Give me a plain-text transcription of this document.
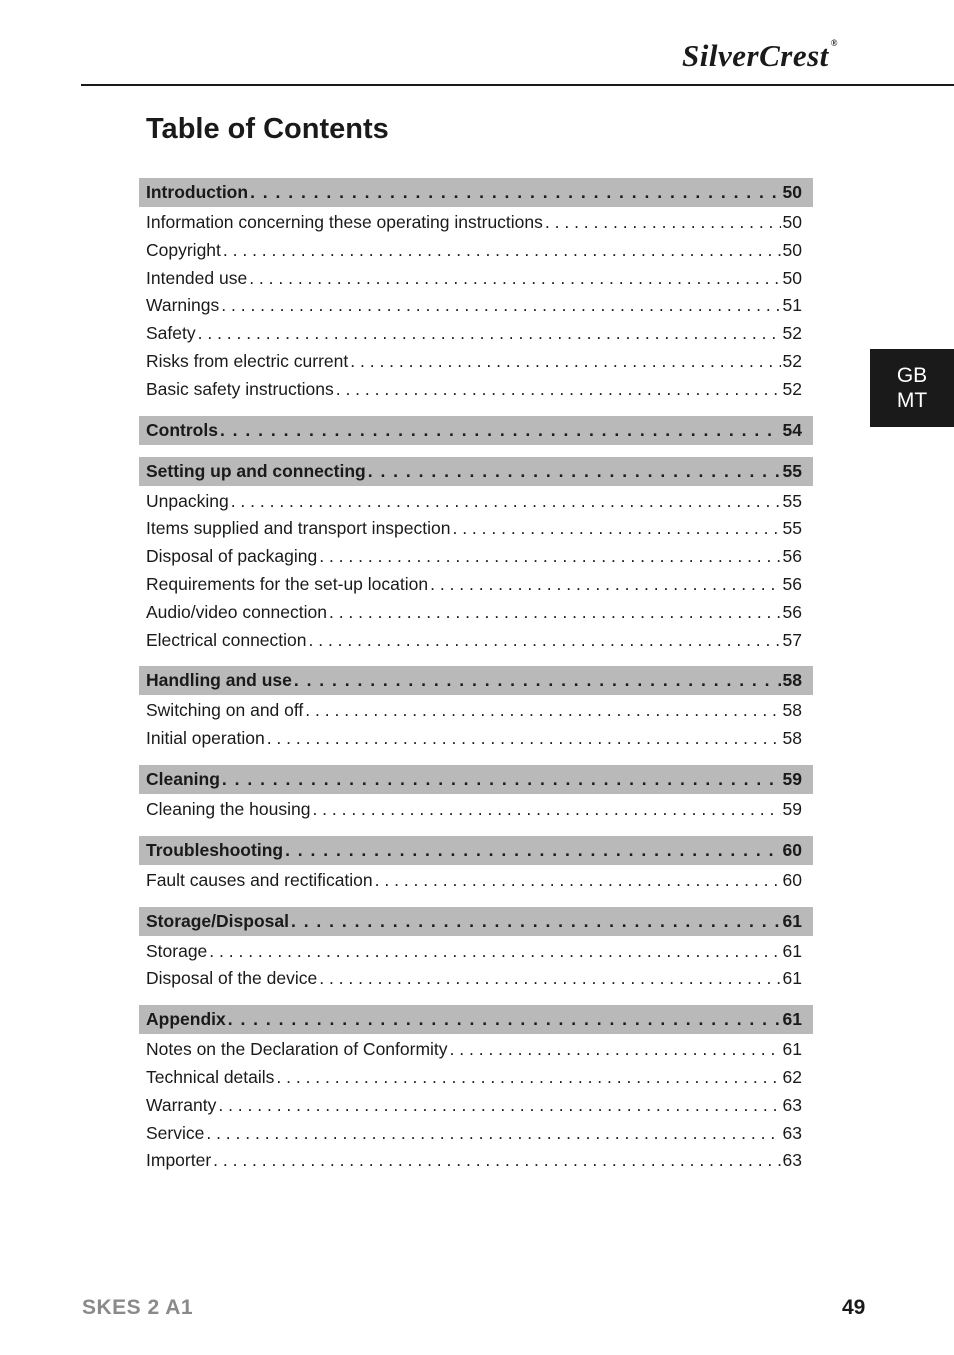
SilverCrest ®
Table of Contents
Introduction . . .	50
Information concerning these operating instructions . . .	50
Copyright . . .	50
Intended use . . .	50
Warnings . . .	51
Safety . . .	52
Risks from electric current . . .	52
Basic safety instructions . . .	52
Controls . . .	54
Setting up and connecting . . .	55
Unpacking . . .	55
Items supplied and transport inspection . . .	55
Disposal of packaging . . .	56
Requirements for the set-up location . . .	56
Audio/video connection . . .	56
Electrical connection . . .	57
Handling and use . . .	58
Switching on and off . . .	58
Initial operation . . .	58
Cleaning . . .	59
Cleaning the housing . . .	59
Troubleshooting . . .	60
Fault causes and rectification . . .	60
Storage/Disposal . . .	61
Storage . . .	61
Disposal of the device . . .	61
Appendix . . .	61
Notes on the Declaration of Conformity . . .	61
Technical details . . .	62
Warranty . . .	63
Service . . .	63
Importer . . .	63
GB
MT
SKES 2 A1	49
